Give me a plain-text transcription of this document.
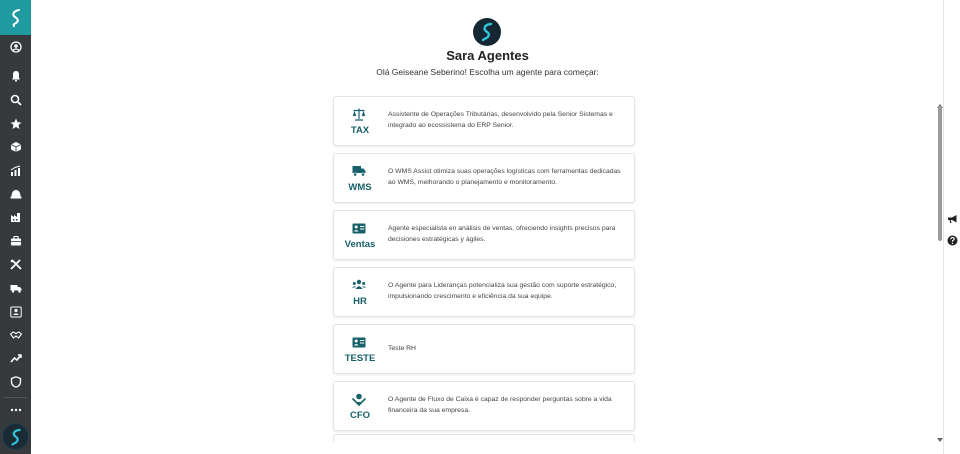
Sara Agentes
Olá Geiseane Seberino! Escolha um agente para começar:
TAX
Assistente de Operações Tributárias, desenvolvido pela Senior Sistemas e integrado ao ecossistema do ERP Senior.
WMS
O WMS Assist otimiza suas operações logísticas com ferramentas dedicadas ao WMS, melhorando o planejamento e monitoramento.
Ventas
Agente especialista en análisis de ventas, ofreciendo insights precisos para decisiones estratégicas y ágiles.
HR
O Agente para Lideranças potencializa sua gestão com suporte estratégico, impulsionando crescimento e eficiência da sua equipe.
TESTE
Teste RH
CFO
O Agente de Fluxo de Caixa é capaz de responder perguntas sobre a vida financeira da sua empresa.
